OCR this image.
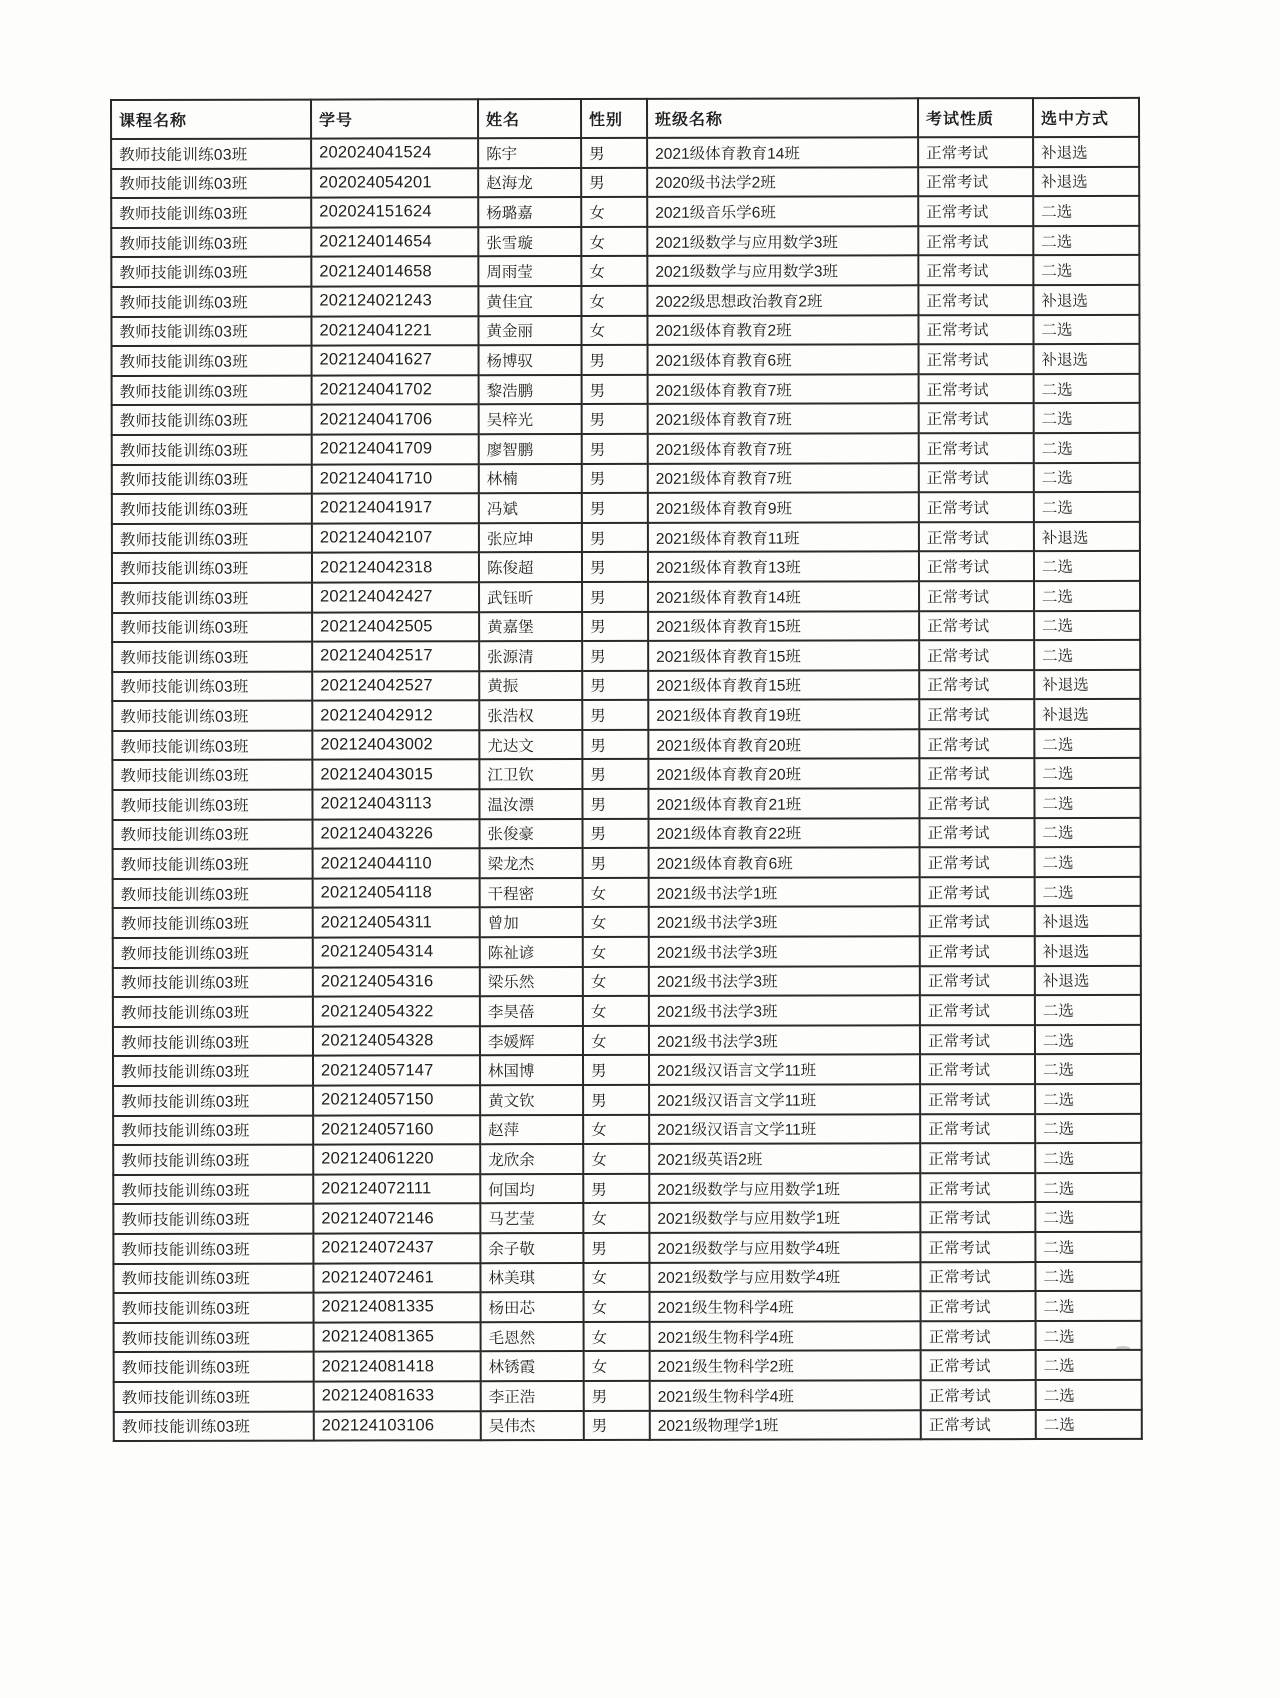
课程名称	学号	姓名	性别	班级名称	考试性质	选中方式
教师技能训练03班	202024041524	陈宇	男	2021级体育教育14班	正常考试	补退选
教师技能训练03班	202024054201	赵海龙	男	2020级书法学2班	正常考试	补退选
教师技能训练03班	202024151624	杨璐嘉	女	2021级音乐学6班	正常考试	二选
教师技能训练03班	202124014654	张雪璇	女	2021级数学与应用数学3班	正常考试	二选
教师技能训练03班	202124014658	周雨莹	女	2021级数学与应用数学3班	正常考试	二选
教师技能训练03班	202124021243	黄佳宜	女	2022级思想政治教育2班	正常考试	补退选
教师技能训练03班	202124041221	黄金丽	女	2021级体育教育2班	正常考试	二选
教师技能训练03班	202124041627	杨博驭	男	2021级体育教育6班	正常考试	补退选
教师技能训练03班	202124041702	黎浩鹏	男	2021级体育教育7班	正常考试	二选
教师技能训练03班	202124041706	吴梓光	男	2021级体育教育7班	正常考试	二选
教师技能训练03班	202124041709	廖智鹏	男	2021级体育教育7班	正常考试	二选
教师技能训练03班	202124041710	林楠	男	2021级体育教育7班	正常考试	二选
教师技能训练03班	202124041917	冯斌	男	2021级体育教育9班	正常考试	二选
教师技能训练03班	202124042107	张应坤	男	2021级体育教育11班	正常考试	补退选
教师技能训练03班	202124042318	陈俊超	男	2021级体育教育13班	正常考试	二选
教师技能训练03班	202124042427	武钰昕	男	2021级体育教育14班	正常考试	二选
教师技能训练03班	202124042505	黄嘉堡	男	2021级体育教育15班	正常考试	二选
教师技能训练03班	202124042517	张源清	男	2021级体育教育15班	正常考试	二选
教师技能训练03班	202124042527	黄振	男	2021级体育教育15班	正常考试	补退选
教师技能训练03班	202124042912	张浩权	男	2021级体育教育19班	正常考试	补退选
教师技能训练03班	202124043002	尤达文	男	2021级体育教育20班	正常考试	二选
教师技能训练03班	202124043015	江卫钦	男	2021级体育教育20班	正常考试	二选
教师技能训练03班	202124043113	温汝漂	男	2021级体育教育21班	正常考试	二选
教师技能训练03班	202124043226	张俊豪	男	2021级体育教育22班	正常考试	二选
教师技能训练03班	202124044110	梁龙杰	男	2021级体育教育6班	正常考试	二选
教师技能训练03班	202124054118	干程密	女	2021级书法学1班	正常考试	二选
教师技能训练03班	202124054311	曾加	女	2021级书法学3班	正常考试	补退选
教师技能训练03班	202124054314	陈祉谚	女	2021级书法学3班	正常考试	补退选
教师技能训练03班	202124054316	梁乐然	女	2021级书法学3班	正常考试	补退选
教师技能训练03班	202124054322	李昊蓓	女	2021级书法学3班	正常考试	二选
教师技能训练03班	202124054328	李媛辉	女	2021级书法学3班	正常考试	二选
教师技能训练03班	202124057147	林国博	男	2021级汉语言文学11班	正常考试	二选
教师技能训练03班	202124057150	黄文钦	男	2021级汉语言文学11班	正常考试	二选
教师技能训练03班	202124057160	赵萍	女	2021级汉语言文学11班	正常考试	二选
教师技能训练03班	202124061220	龙欣余	女	2021级英语2班	正常考试	二选
教师技能训练03班	202124072111	何国均	男	2021级数学与应用数学1班	正常考试	二选
教师技能训练03班	202124072146	马艺莹	女	2021级数学与应用数学1班	正常考试	二选
教师技能训练03班	202124072437	余子敬	男	2021级数学与应用数学4班	正常考试	二选
教师技能训练03班	202124072461	林美琪	女	2021级数学与应用数学4班	正常考试	二选
教师技能训练03班	202124081335	杨田芯	女	2021级生物科学4班	正常考试	二选
教师技能训练03班	202124081365	毛恩然	女	2021级生物科学4班	正常考试	二选
教师技能训练03班	202124081418	林锈霞	女	2021级生物科学2班	正常考试	二选
教师技能训练03班	202124081633	李正浩	男	2021级生物科学4班	正常考试	二选
教师技能训练03班	202124103106	吴伟杰	男	2021级物理学1班	正常考试	二选
